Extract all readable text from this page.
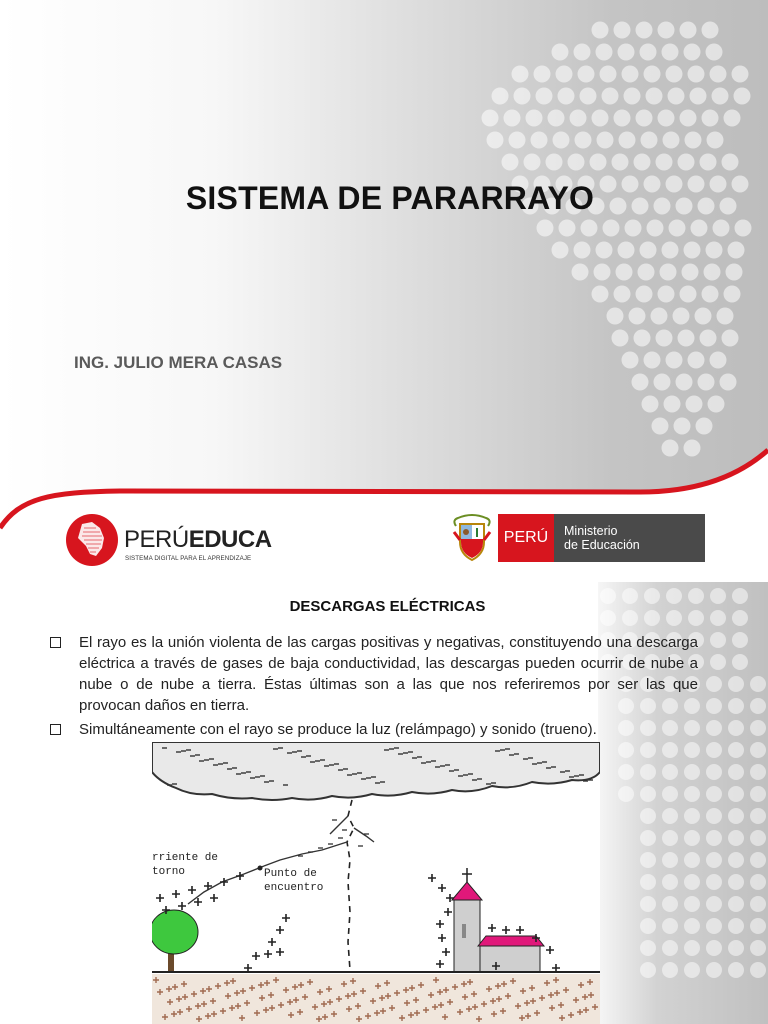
SISTEMA DE PARARRAYO
ING. JULIO MERA CASAS
PERÚEDUCA
SISTEMA DIGITAL PARA EL APRENDIZAJE
PERÚ	Ministerio
de Educación
DESCARGAS ELÉCTRICAS
El rayo es la unión violenta de las cargas positivas y negativas, constituyendo una descarga eléctrica a través de gases de baja conductividad, las descargas pueden ocurrir de nube a nube o de nube a tierra. Éstas últimas son a las que nos referiremos por ser las que provocan daños en tierra.
Simultáneamente con el rayo se produce la luz (relámpago) y sonido (trueno).
rriente de
torno	Punto de
encuentro
